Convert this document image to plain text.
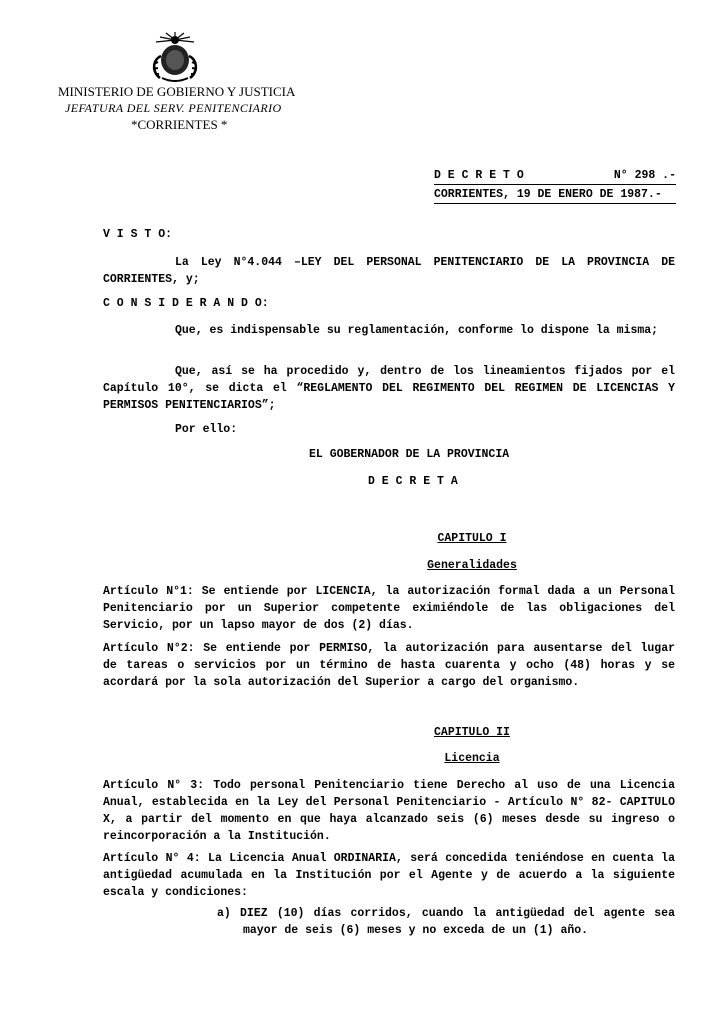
MINISTERIO DE GOBIERNO Y JUSTICIA
JEFATURA DEL SERV. PENITENCIARIO
*CORRIENTES *
D E C R E T O	N° 298 .-
CORRIENTES, 19 DE ENERO DE 1987.-
V I S T O:
La Ley N°4.044 –LEY DEL PERSONAL PENITENCIARIO DE LA PROVINCIA DE CORRIENTES, y;
C O N S I D E R A N D O:
Que, es indispensable su reglamentación, conforme lo dispone la misma;
Que, así se ha procedido y, dentro de los lineamientos fijados por el Capítulo 10°, se dicta el “REGLAMENTO DEL REGIMENTO DEL REGIMEN DE LICENCIAS Y PERMISOS PENITENCIARIOS”;
Por ello:
EL GOBERNADOR DE LA PROVINCIA
D E C R E T A
CAPITULO I
Generalidades
Artículo N°1: Se entiende por LICENCIA, la autorización formal dada a un Personal Penitenciario por un Superior competente eximiéndole de las obligaciones del Servicio, por un lapso mayor de dos (2) días.
Artículo N°2: Se entiende por PERMISO, la autorización para ausentarse del lugar de tareas o servicios por un término de hasta cuarenta y ocho (48) horas y se acordará por la sola autorización del Superior a cargo del organismo.
CAPITULO II
Licencia
Artículo N° 3: Todo personal Penitenciario tiene Derecho al uso de una Licencia Anual, establecida en la Ley del Personal Penitenciario - Artículo N° 82- CAPITULO X, a partir del momento en que haya alcanzado seis (6) meses desde su ingreso o reincorporación a la Institución.
Artículo N° 4: La Licencia Anual ORDINARIA, será concedida teniéndose en cuenta la antigüedad acumulada en la Institución por el Agente y de acuerdo a la siguiente escala y condiciones:
a) DIEZ (10) días corridos, cuando la antigüedad del agente sea mayor de seis (6) meses y no exceda de un (1) año.
